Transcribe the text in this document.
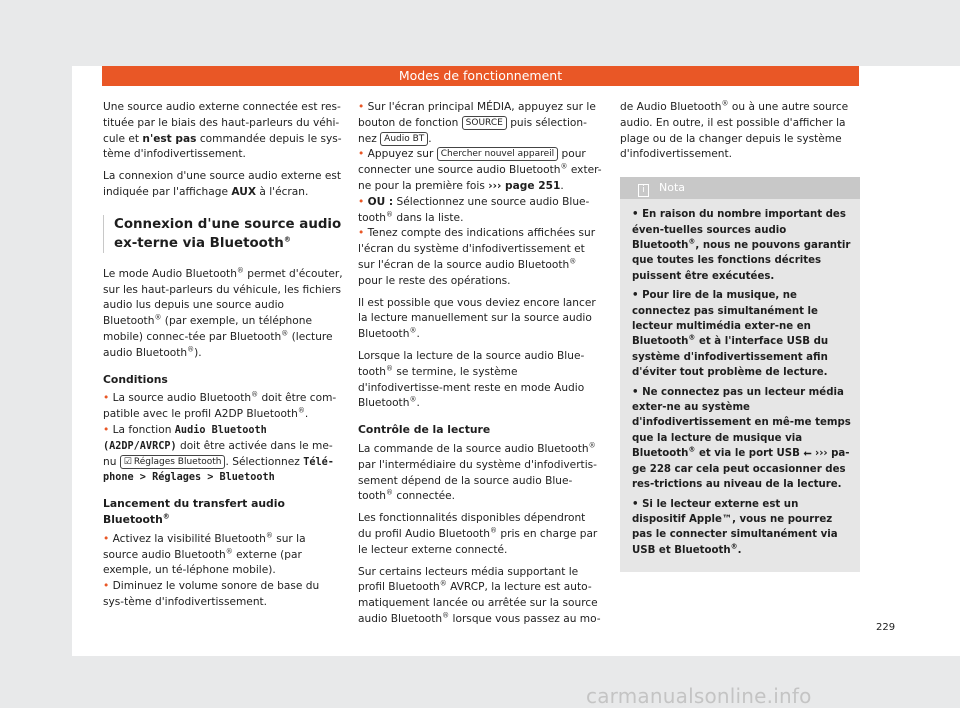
Modes de fonctionnement

Une source audio externe connectée est res-tituée par le biais des haut-parleurs du véhi-cule et n'est pas commandée depuis le sys-tème d'infodivertissement.

La connexion d'une source audio externe est indiquée par l'affichage AUX à l'écran.

Connexion d'une source audio ex-terne via Bluetooth®

Le mode Audio Bluetooth® permet d'écouter, sur les haut-parleurs du véhicule, les fichiers audio lus depuis une source audio Bluetooth® (par exemple, un téléphone mobile) connec-tée par Bluetooth® (lecture audio Bluetooth®).

Conditions

• La source audio Bluetooth® doit être com-patible avec le profil A2DP Bluetooth®.

• La fonction Audio Bluetooth (A2DP/AVRCP) doit être activée dans le me-nu ☑ Réglages Bluetooth . Sélectionnez Télé-phone > Réglages > Bluetooth

Lancement du transfert audio Bluetooth®

• Activez la visibilité Bluetooth® sur la source audio Bluetooth® externe (par exemple, un té-léphone mobile).

• Diminuez le volume sonore de base du sys-tème d'infodivertissement.

• Sur l'écran principal MÉDIA, appuyez sur le bouton de fonction SOURCE puis sélection-nez Audio BT .

• Appuyez sur Chercher nouvel appareil pour connecter une source audio Bluetooth® exter-ne pour la première fois ››› page 251.

• OU : Sélectionnez une source audio Blue-tooth® dans la liste.

• Tenez compte des indications affichées sur l'écran du système d'infodivertissement et sur l'écran de la source audio Bluetooth® pour le reste des opérations.

Il est possible que vous deviez encore lancer la lecture manuellement sur la source audio Bluetooth®.

Lorsque la lecture de la source audio Blue-tooth® se termine, le système d'infodivertisse-ment reste en mode Audio Bluetooth®.

Contrôle de la lecture

La commande de la source audio Bluetooth® par l'intermédiaire du système d'infodivertis-sement dépend de la source audio Blue-tooth® connectée.

Les fonctionnalités disponibles dépendront du profil Audio Bluetooth® pris en charge par le lecteur externe connecté.

Sur certains lecteurs média supportant le profil Bluetooth® AVRCP, la lecture est auto-matiquement lancée ou arrêtée sur la source audio Bluetooth® lorsque vous passez au mo-

de Audio Bluetooth® ou à une autre source audio. En outre, il est possible d'afficher la plage ou de la changer depuis le système d'infodivertissement.

i Nota

• En raison du nombre important des éven-tuelles sources audio Bluetooth®, nous ne pouvons garantir que toutes les fonctions décrites puissent être exécutées.

• Pour lire de la musique, ne connectez pas simultanément le lecteur multimédia exter-ne en Bluetooth® et à l'interface USB du système d'infodivertissement afin d'éviter tout problème de lecture.

• Ne connectez pas un lecteur média exter-ne au système d'infodivertissement en mê-me temps que la lecture de musique via Bluetooth® et via le port USB ⭠ ››› pa-ge 228 car cela peut occasionner des res-trictions au niveau de la lecture.

• Si le lecteur externe est un dispositif Apple™, vous ne pourrez pas le connecter simultanément via USB et Bluetooth®.

229
carmanualsonline.info
